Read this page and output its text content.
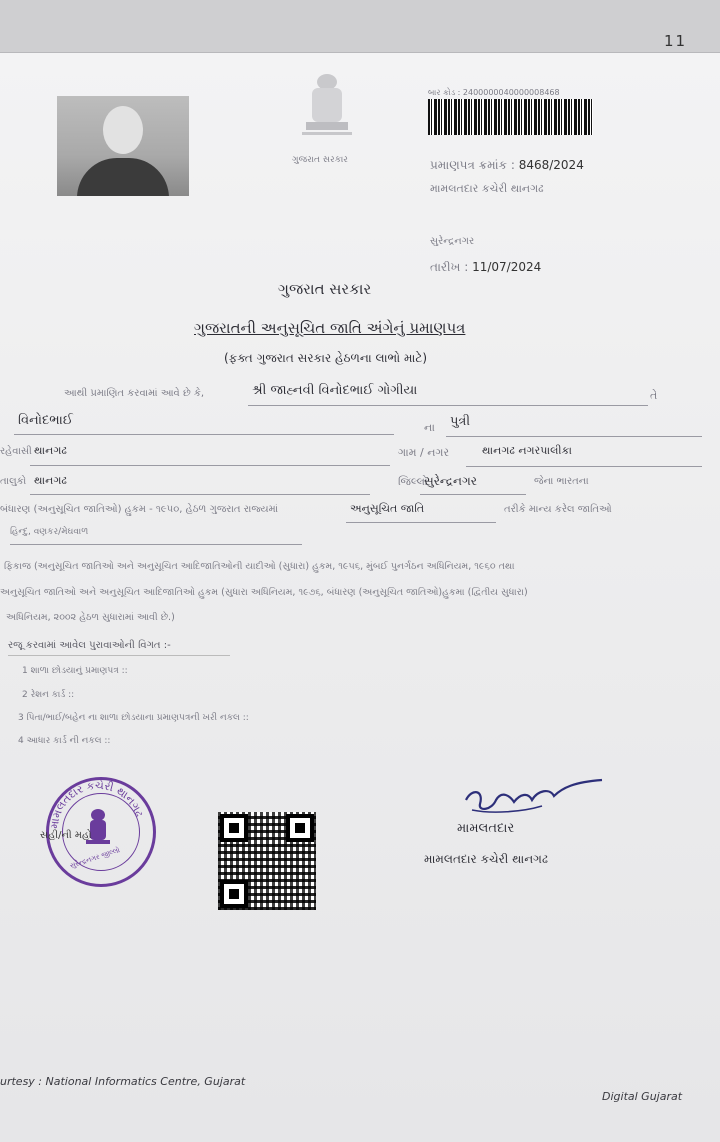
11
ગુજરાત સરકાર
બાર કોડ : 2400000040000008468
પ્રમાણપત્ર ક્રમાંક : 8468/2024
મામલતદાર કચેરી થાનગઢ
સુરેન્દ્રનગર
તારીખ : 11/07/2024
ગુજરાત સરકાર
ગુજરાતની અનુસૂચિત જાતિ અંગેનું પ્રમાણપત્ર
(ફક્ત ગુજરાત સરકાર હેઠળના લાભો માટે)
આથી પ્રમાણિત કરવામાં આવે છે કે,	શ્રી જાહ્નવી વિનોદભાઈ ગોગીયા	તે
વિનોદભાઈ	ના પુત્રી
રહેવાસી થાનગઢ	ગામ / નગર	થાનગઢ નગરપાલીકા
તાલુકો થાનગઢ	જિલ્લો
સુરેન્દ્રનગર	જેના ભારતના
બંધારણ (અનુસૂચિત જાતિઓ) હુકમ - ૧૯૫૦, હેઠળ ગુજરાત રાજ્યમાં	અનુસૂચિત જાતિ	તરીકે માન્ય કરેલ જાતિઓ
હિન્દુ, વણકર/મેઘવાળ
ફિકાજ (અનુસૂચિત જાતિઓ અને અનુસૂચિત આદિજાતિઓની યાદીઓ (સુધારા) હુકમ, ૧૯૫૬, મુંબઈ પુનર્ગઠન અધિનિયમ, ૧૯૬૦ તથા
અનુસૂચિત જાતિઓ અને અનુસૂચિત આદિજાતિઓ હુકમ (સુધારા અધિનિયમ, ૧૯૭૬, બંધારણ (અનુસૂચિત જાતિઓ)હુકમા (દ્વિતીય સુધારા)
અધિનિયમ, ૨૦૦૨ હેઠળ સુધારામાં આવી છે.)
રજૂ કરવામાં આવેલ પુરાવાઓની વિગત :-
1 શાળા છોડયાનું પ્રમાણપત્ર ::
2 રેશન કાર્ડ ::
3 પિતા/ભાઈ/બહેન ના શાળા છોડયાના પ્રમાણપત્રની ખરી નકલ ::
4 આધાર કાર્ડ ની નકલ ::
મામલતદાર કચેરી થાનગઢ
સુરેન્દ્રનગર જીલ્લો
સહી/ની મહો	મામલતદાર
મામલતદાર કચેરી થાનગઢ
urtesy : National Informatics Centre, Gujarat
Digital Gujarat
